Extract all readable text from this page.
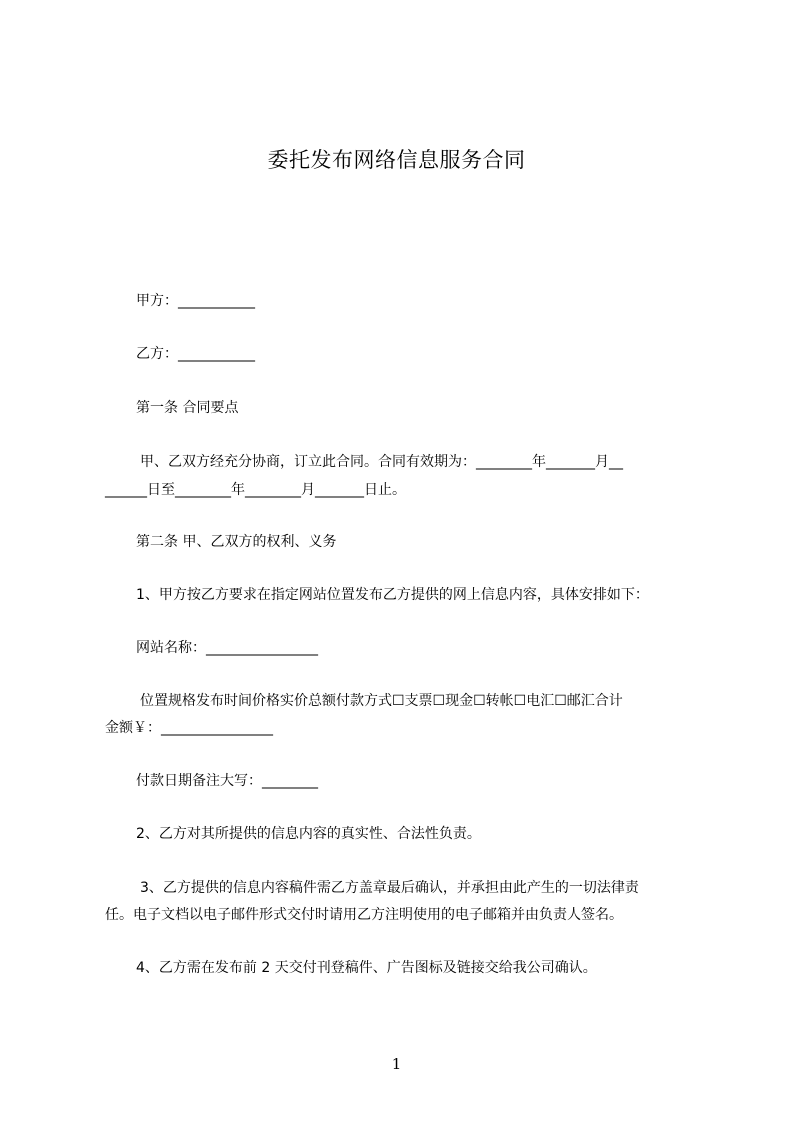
委托发布网络信息服务合同
甲方：___________
乙方：___________
第一条 合同要点
甲、乙双方经充分协商，订立此合同。合同有效期为：________年_______月__
______日至________年________月_______日止。
第二条 甲、乙双方的权利、义务
1、甲方按乙方要求在指定网站位置发布乙方提供的网上信息内容，具体安排如下：
网站名称：________________
位置规格发布时间价格实价总额付款方式☐支票☐现金☐转帐☐电汇☐邮汇合计
金额￥：________________
付款日期备注大写：________
2、乙方对其所提供的信息内容的真实性、合法性负责。
3、乙方提供的信息内容稿件需乙方盖章最后确认，并承担由此产生的一切法律责
任。电子文档以电子邮件形式交付时请用乙方注明使用的电子邮箱并由负责人签名。
4、乙方需在发布前 2 天交付刊登稿件、广告图标及链接交给我公司确认。
1
